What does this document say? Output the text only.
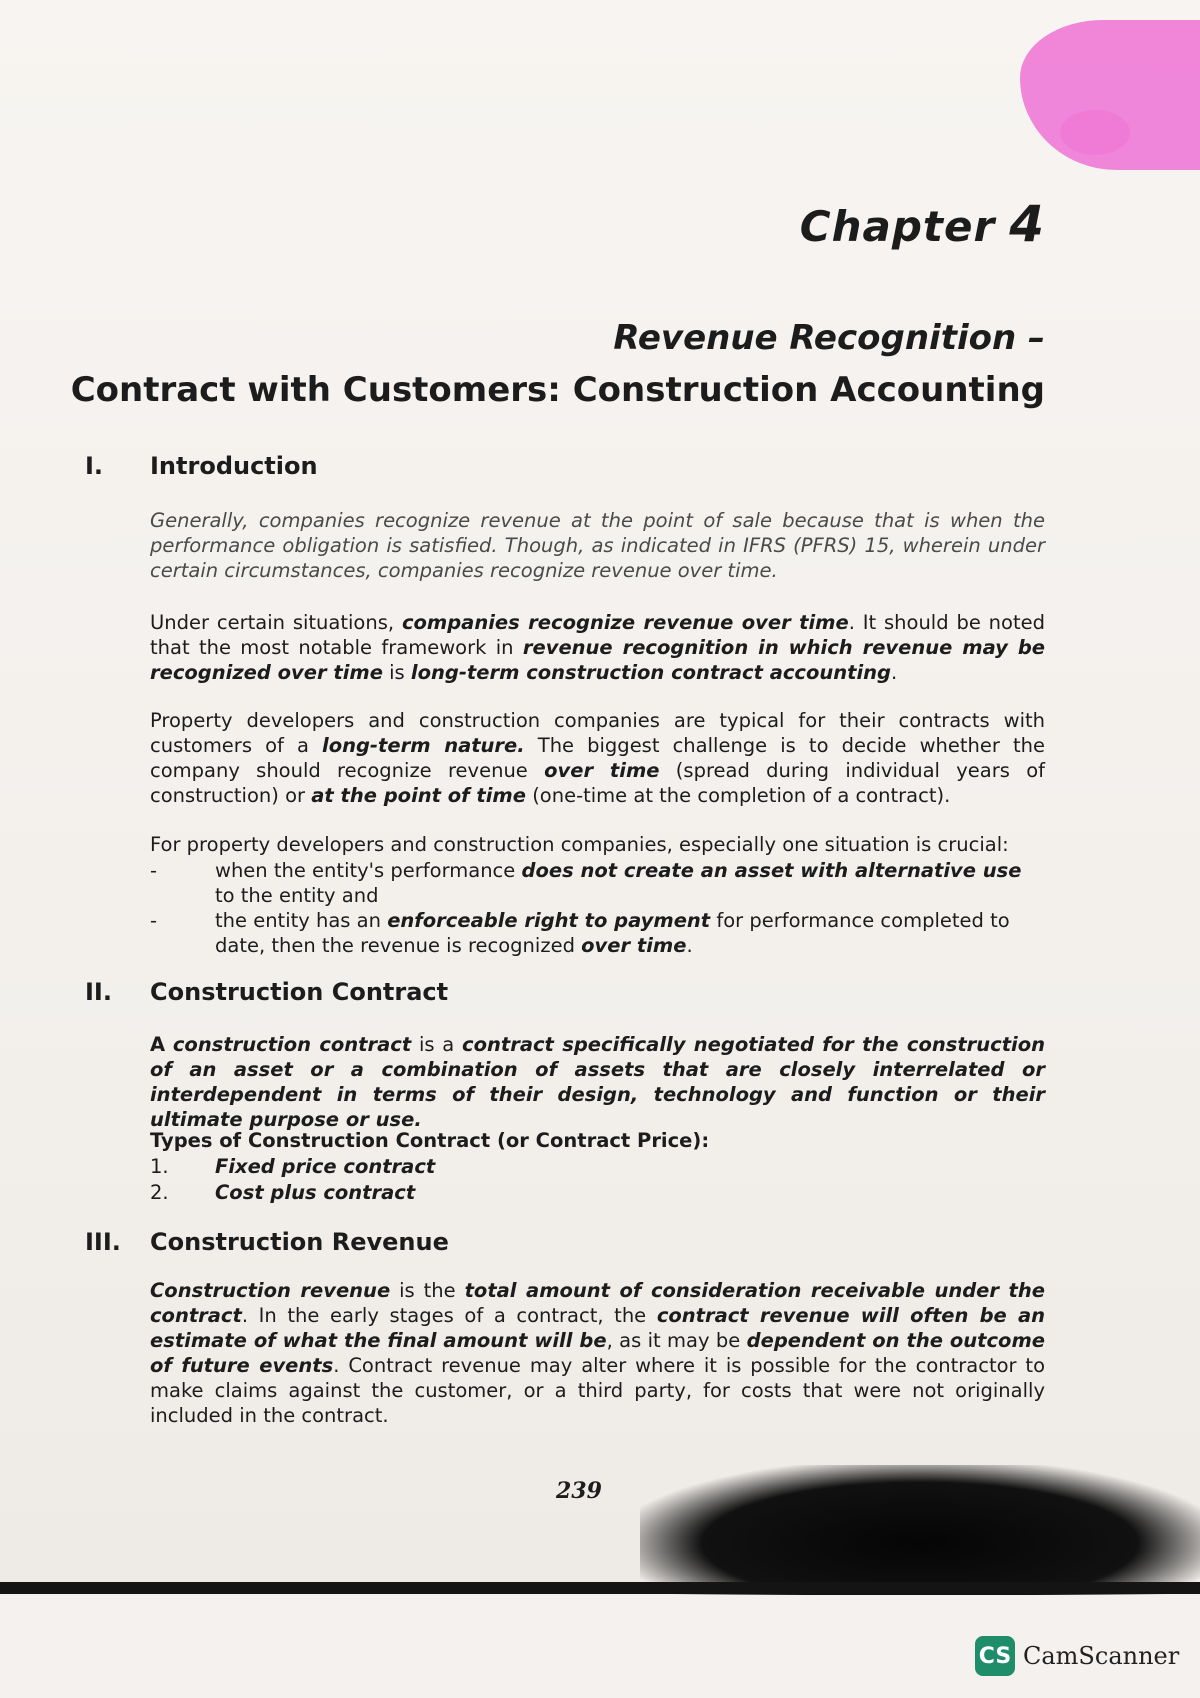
Chapter 4
Revenue Recognition –
Contract with Customers: Construction Accounting
I. Introduction
Generally, companies recognize revenue at the point of sale because that is when the performance obligation is satisfied. Though, as indicated in IFRS (PFRS) 15, wherein under certain circumstances, companies recognize revenue over time.
Under certain situations, companies recognize revenue over time. It should be noted that the most notable framework in revenue recognition in which revenue may be recognized over time is long-term construction contract accounting.
Property developers and construction companies are typical for their contracts with customers of a long-term nature. The biggest challenge is to decide whether the company should recognize revenue over time (spread during individual years of construction) or at the point of time (one-time at the completion of a contract).
For property developers and construction companies, especially one situation is crucial:
-	when the entity's performance does not create an asset with alternative use to the entity and
-	the entity has an enforceable right to payment for performance completed to date, then the revenue is recognized over time.
II. Construction Contract
A construction contract is a contract specifically negotiated for the construction of an asset or a combination of assets that are closely interrelated or interdependent in terms of their design, technology and function or their ultimate purpose or use.
Types of Construction Contract (or Contract Price):
1.	Fixed price contract
2.	Cost plus contract
III. Construction Revenue
Construction revenue is the total amount of consideration receivable under the contract. In the early stages of a contract, the contract revenue will often be an estimate of what the final amount will be, as it may be dependent on the outcome of future events. Contract revenue may alter where it is possible for the contractor to make claims against the customer, or a third party, for costs that were not originally included in the contract.
239
CS CamScanner
